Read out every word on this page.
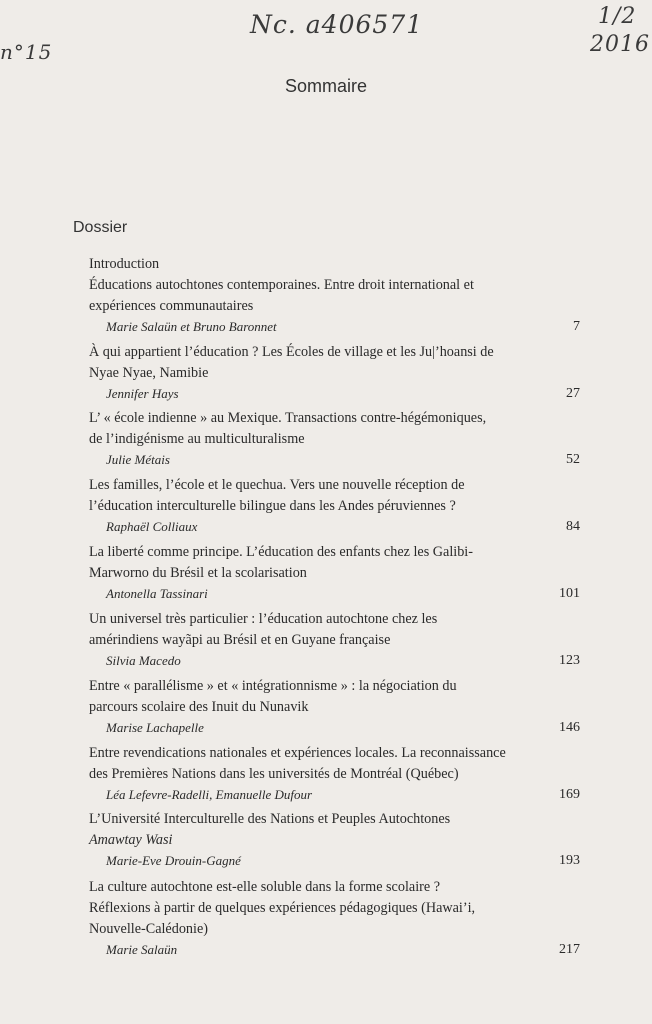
Nc. a406571
n°15
1/2
2016
Sommaire
Dossier
Introduction
Éducations autochtones contemporaines. Entre droit international et
expériences communautaires
Marie Salaün et Bruno Baronnet	7
À qui appartient l’éducation ? Les Écoles de village et les Ju|’hoansi de
Nyae Nyae, Namibie
Jennifer Hays	27
L’ « école indienne » au Mexique. Transactions contre-hégémoniques,
de l’indigénisme au multiculturalisme
Julie Métais	52
Les familles, l’école et le quechua. Vers une nouvelle réception de
l’éducation interculturelle bilingue dans les Andes péruviennes ?
Raphaël Colliaux	84
La liberté comme principe. L’éducation des enfants chez les Galibi-
Marworno du Brésil et la scolarisation
Antonella Tassinari	101
Un universel très particulier : l’éducation autochtone chez les
amérindiens wayãpi au Brésil et en Guyane française
Silvia Macedo	123
Entre « parallélisme » et « intégrationnisme » : la négociation du
parcours scolaire des Inuit du Nunavik
Marise Lachapelle	146
Entre revendications nationales et expériences locales. La reconnaissance
des Premières Nations dans les universités de Montréal (Québec)
Léa Lefevre-Radelli, Emanuelle Dufour	169
L’Université Interculturelle des Nations et Peuples Autochtones
Amawtay Wasi
Marie-Eve Drouin-Gagné	193
La culture autochtone est-elle soluble dans la forme scolaire ?
Réflexions à partir de quelques expériences pédagogiques (Hawai’i,
Nouvelle-Calédonie)
Marie Salaün	217
